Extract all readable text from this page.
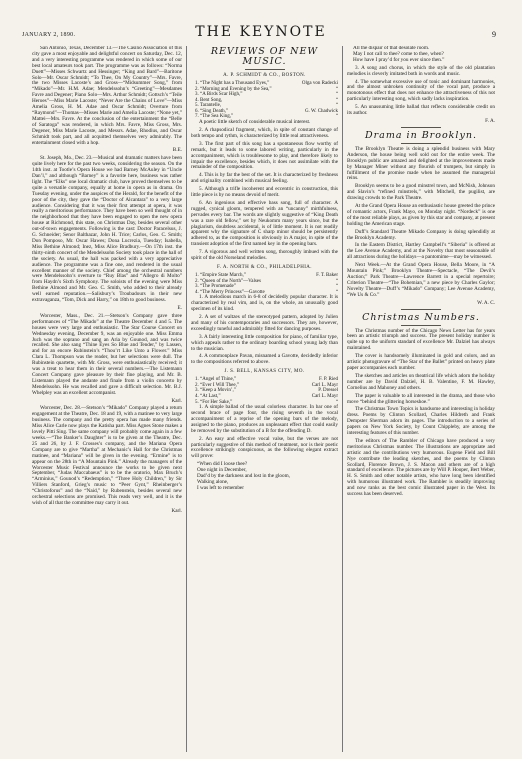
JANUARY 2, 1890.	THE KEYNOTE	9

San Antonio, Texas, December 13.—The Casino Association of this city gave a most enjoyable and delightful concert on Saturday, Dec. 12, and a very interesting programme was rendered in which some of our best local amateurs took part. The programme was as follows: “Norma Duett”—Misses Schwartz and Hessinger; “King and Bard”—Baritone Solo—Mr. Oscar Schmidt; “To Thee, On My Country”—Mrs. Favre, the two Misses Lacoste’s and Gross—“Midsummer Song,” from “Mikado”—Mr. H.M. Adae; Mendelssohn’s “Greeting”—Mesdames Favre and Degener; Piano Solo—Mrs. Arthur Schmidt; Gottsch’s “Teile Heroes”—Miss Marie Lacoste; “Never Are the Chains of Love”—Miss Amelia Gross, H. M. Adae and Oscar Schmidt; Overture from “Raymond”—Thomas—Misses Marie and Amelia Lacoste; “None yet,” Mattei—Mrs. Favre. At the conclusion of the entertainment the “Belle of Saratoga” was rendered, in which Mrs. Favre, Miss Gross, Mrs. Degener, Miss Marie Lacoste, and Messrs. Adae, Rhodius, and Oscar Schmidt took part, and all acquitted themselves very admirably. The entertainment closed with a hop.

B.E.

St. Joseph, Mo., Dec. 23.—Musical and dramatic matters have been quite lively here for the past two weeks, considering the season. On the 14th inst. at Tootle’s Opera House we had Barney McAuley in “Uncle Dan’l,” and although “Barney” is a favorite here, business was rather light. The “Elks” one local dramatic club, have proved themselves to be quite a versatile company, equally at home in opera as in drama. On Tuesday evening, under the auspices of the Herald, for the benefit of the poor of the city, they gave the “Doctor of Alcantara” to a very large audience. Considering that it was their first attempt at opera, it was really a meritorious performance. They have been so well thought of in the neighborhood that they have been engaged to open the new opera house at Richmond, this state, on Christmas Day, besides several other out-of-town engagements. Following is the cast: Doctor Paracelsus, J. G. Schneider; Senor Balthazar, John H. Trice; Carlos, Geo. C. Smith; Don Pomposo, Mr. Oscar Hawes; Dona Lucrezia, Tuesday; Isabella, Miss Bethine Almond; Inez, Miss Alice Bradbury.—On 17th inst. the thirty-ninth concert of the Mendelssohn Society took place in the hall of the society. As usual, the hall was packed with a very appreciative audience. The programme was a fine one, and rendered in the usual excellent manner of the society. Chief among the orchestral numbers were Mendelssohn’s overture to “Ruy Blas” and “Allegro di Molto” from Haydn’s Sixth Symphony. The soloists of the evening were Miss Bethine Almond and Mr. Geo. C. Smith, who added to their already well earned reputation.—Salisbury’s Troubadours in their new extravaganza, “Tom, Dick and Harry,” on 18th to good business.

E.

Worcester, Mass., Dec. 21.—Stetson’s Company gave three performances of “The Mikado” at the Theatre December 4 and 5. The houses were very large and enthusiastic. The Star Course Concert on Wednesday evening, December 9, was an enjoyable one. Miss Emma Juch was the soprano and sang an Aria by Gounod, and was twice recalled. She also sang “Thine Eyes So Blue and Tender,” by Lassen, and for an encore Rubinstein’s “Thou’rt Like Unto a Flower.” Miss Clara L. Thompson was the reader, but her selections were dull. The Rubinstein quartette, with Mr. Gross, were enthusiastically received; it was a treat to hear them in their several numbers.—The Listemann Concert Company gave pleasure by their fine playing, and Mr. B. Listemann played the andante and finale from a violin concerto by Mendelssohn. He was recalled and gave a difficult selection. Mr. B.J. Whelpley was an excellent accompanist.

Karl.

Worcester, Dec. 28.—Stetson’s “Mikado” Company played a return engagement at the Theatre, Dec. 18 and 19, with a matinee to very large business. The company and the pretty opera has made many friends. Miss Alice Carle now plays the Katisha part. Miss Agnes Stone makes a lovely Pitti Sing. The same company will probably come again in a few weeks.—“The Banker’s Daughter” is to be given at the Theatre, Dec. 25 and 26, by J. F. Crosses’s company, and the Mariana Opera Company are to give “Martha” at Mechanic’s Hall for the Christmas matinee, and “Mariana” will be given in the evening. “Ermine” is to appear on the 28th in “A Mountain Pink.” Already the managers of the Worcester Music Festival announce the works to be given next September, “Judas Maccabaeus” is to be the oratorio, Max Bruch’s “Arminius,” Gounod’s “Redemption,” “Three Holy Children,” by Sir Villiers Stanford, Grieg’s music to “Peer Gynt,” Rheinberger’s “Christoforus” and the “Naid,” by Rubenstein, besides several new orchestral selections are promised. This reads very well, and it is the wish of all that the committee may carry it out.

Karl.

REVIEWS OF NEW MUSIC.
A. P. SCHMIDT & CO., BOSTON.
1. “The Night has a Thousand Eyes,”	Olga von Radecki
2. “Morning and Evening by the Sea,”	“
3. “A Birds Scar High,”	“
4. Bent Song,	“
5. Tarantelle,	“
6. “Sing Death,”	G. W. Chadwick
7. “The Sea King,”	“

A poetic little sketch of considerable musical interest.

2. A rhapsodical fragment, which, in spite of constant change of both tempo and rythm, is characterized by little real attractiveness.

3. The first part of this song has a spontaneous flow worthy of remark, but it leads to some labored writing, particularly in the accompaniment, which is troublesome to play, and therefore likely to impair the excellence, besides which, it does not assimilate with the remainder of the composition.

4. This is by far the best of the set. It is characterized by freshness and originality combined with musical feeling.

5. Although a trifle incoherent and eccentric in construction, this little piece is by no means devoid of merit.

6. An ingenious and effective bass song, full of character. A rugged, cynical gloom, tempered with an “uncanny” mirthfulness, pervades every bar. The words are slightly suggestive of “King Death was a rare old fellow,” set by Neukomm many years since, but the plagiarism, doubtless accidental, is of little moment. It is not readily apparent why the signature of C sharp minor should be persistently adhered to, as the composition is obviously in A major, in spite of the transient adoption of the first named key in the opening bars.

7. A vigorous and well written song, thoroughly imbued with the spirit of the old Norseland melodies.

F. A. NORTH & CO., PHILADELPHIA.
1. “Empire State March,”	F. T. Baker
2. “Queen of the North”—Valses	“
3. “The Promenade”	“
4. “The Merry Princess”—Gavotte	“

1. A melodious march in 6-8 of decidedly popular character. It is characterized by real vim, and is, on the whole, an unusually good specimen of its kind.

2. A set of waltzes of the stereotyped pattern, adopted by Julien and many of his contemporaries and successors. They are, however, exceedingly tuneful and admirably fitted for dancing purposes.

3. A fairly interesting little composition for piano, of familiar type, which appeals rather to the ordinary boarding school young lady than to the musician.

4. A commonplace Pavan, misnamed a Gavotte, decidedly inferior to the compositions referred to above.

J. S. BELL, KANSAS CITY, MO.
1. “Angel of Thine,”	F. P. Ried
2. “Ever I Will Thee,”	Carl L. Mayr
3. “Keep a Movin’,”	P. Dressel
4. “At Last,”	Carl L. Mayr
5. “For Her Sake,”	“

1. A simple ballad of the usual colorless character. In bar one of second brace of page four, the rising seventh in the vocal accompaniment of a reprise of the opening bars of the melody, assigned to the piano, produces an unpleasant effect that could easily be removed by the substitution of a B for the offending D.

2. An easy and effective vocal valse, but the verses are not particularly suggestive of this method of treatment, nor is their poetic excellence strikingly conspicuous, as the following elegant extract will prove:

“When did I loose thee?
One night in December,
Dad’d by the darkness and lost in the gloom,
Walking alone,
I was left to remember
All the dispair of that desolate room.
May I not call to thee? come to thee, when?
How have I pray’d for you ever since then.”

3. A song and chorus, in which the style of the old plantation melodies is cleverly imitated both in words and music.

4. The somewhat excessive use of tonic and dominant harmonies, and the almost unbroken continuity of the vocal part, produce a monotonous effect that does not enhance the attractiveness of this not particularly interesting song, which sadly lacks inspiration.

5. An unassuming little ballad that reflects considerable credit on its author.

F. A.

Drama in Brooklyn.

The Brooklyn Theatre is doing a splendid business with Mary Anderson, the house being well sold out for the entire week. The Brooklyn public are amazed and delighted at the improvements made by Manager Miner without any flourish of trumpets, but simply in fulfillment of the promise made when he assumed the managerial reins.

Brooklyn seems to be a good minstrel town, and McNish, Johnson and Slavin’s “refined minstrels,” with Mitchell, the pugilist, are drawing crowds to the Park Theatre.

At the Grand Opera House an enthusiastic house greeted the prince of romantic actors, Frank Mayo, on Monday night. “Nordeck” is one of the most reliable plays, as given by this star and company, at present holding the American stage.

Duff’s Standard Theatre Mikado Company is doing splendidly at the Brooklyn Academy.

In the Eastern District, Hartley Campbell’s “Siberia” is offered at the Lee Avenue Academy, and at the Novelty that most seasonable of all attractions during the holidays—a pantomime—may be witnessed.

Next Week.—At the Grand Opera House, Bella Moore, in “A Mountain Pink;” Brooklyn Theatre—Spectacle, “The Devil’s Auction;” Park Theatre—Lawrence Barrett in a special repertoire; Criterion Theatre—“The Bohemian,” a new piece by Charles Gaylor; Novelty Theatre—Duff’s “Mikado” Company; Lee Avenue Academy, “We Us & Co.”

W. A. C.

Christmas Numbers.

The Christmas number of the Chicago News Letter has for years been an artistic triumph and success. The present holiday number is quite up to the uniform standard of excellence Mr. Dalziel has always maintained.

The cover is handsomely illuminated in gold and colors, and an artistic photogravure of “The Star of the Ballet” printed on heavy plate paper accompanies each number.

The sketches and articles on theatrical life which adorn the holiday number are by David Dalziel, H. B. Valentine, F. M. Hawley, Cornelius and Mahoney and others.

The paper is valuable to all interested in the drama, and those who move “behind the glittering horseshoe.”

The Christmas Town Topics is handsome and interesting in holiday dress. Poems by Clinton Scollard, Charles Hildreth and Frank Dempster Sherman adorn its pages. The introduction to a series of papers on New York Society, by Count Chippleby, are among the interesting features of this number.

The editors of The Rambler of Chicago have produced a very meritorious Christmas number. The illustrations are appropriate and artistic and the contributions very humorous. Eugene Field and Bill Nye contribute the leading sketches, and the poems by Clinton Scollard, Florence Brown, J. S. Macon and others are of a high standard of excellence. The pictures are by Will P. Hooper, Bert Weber, H. S. Smith and other notable artists, who have long been identified with humorous illustrated work. The Rambler is steadily improving and now ranks as the best comic illustrated paper in the West. Its success has been deserved.
